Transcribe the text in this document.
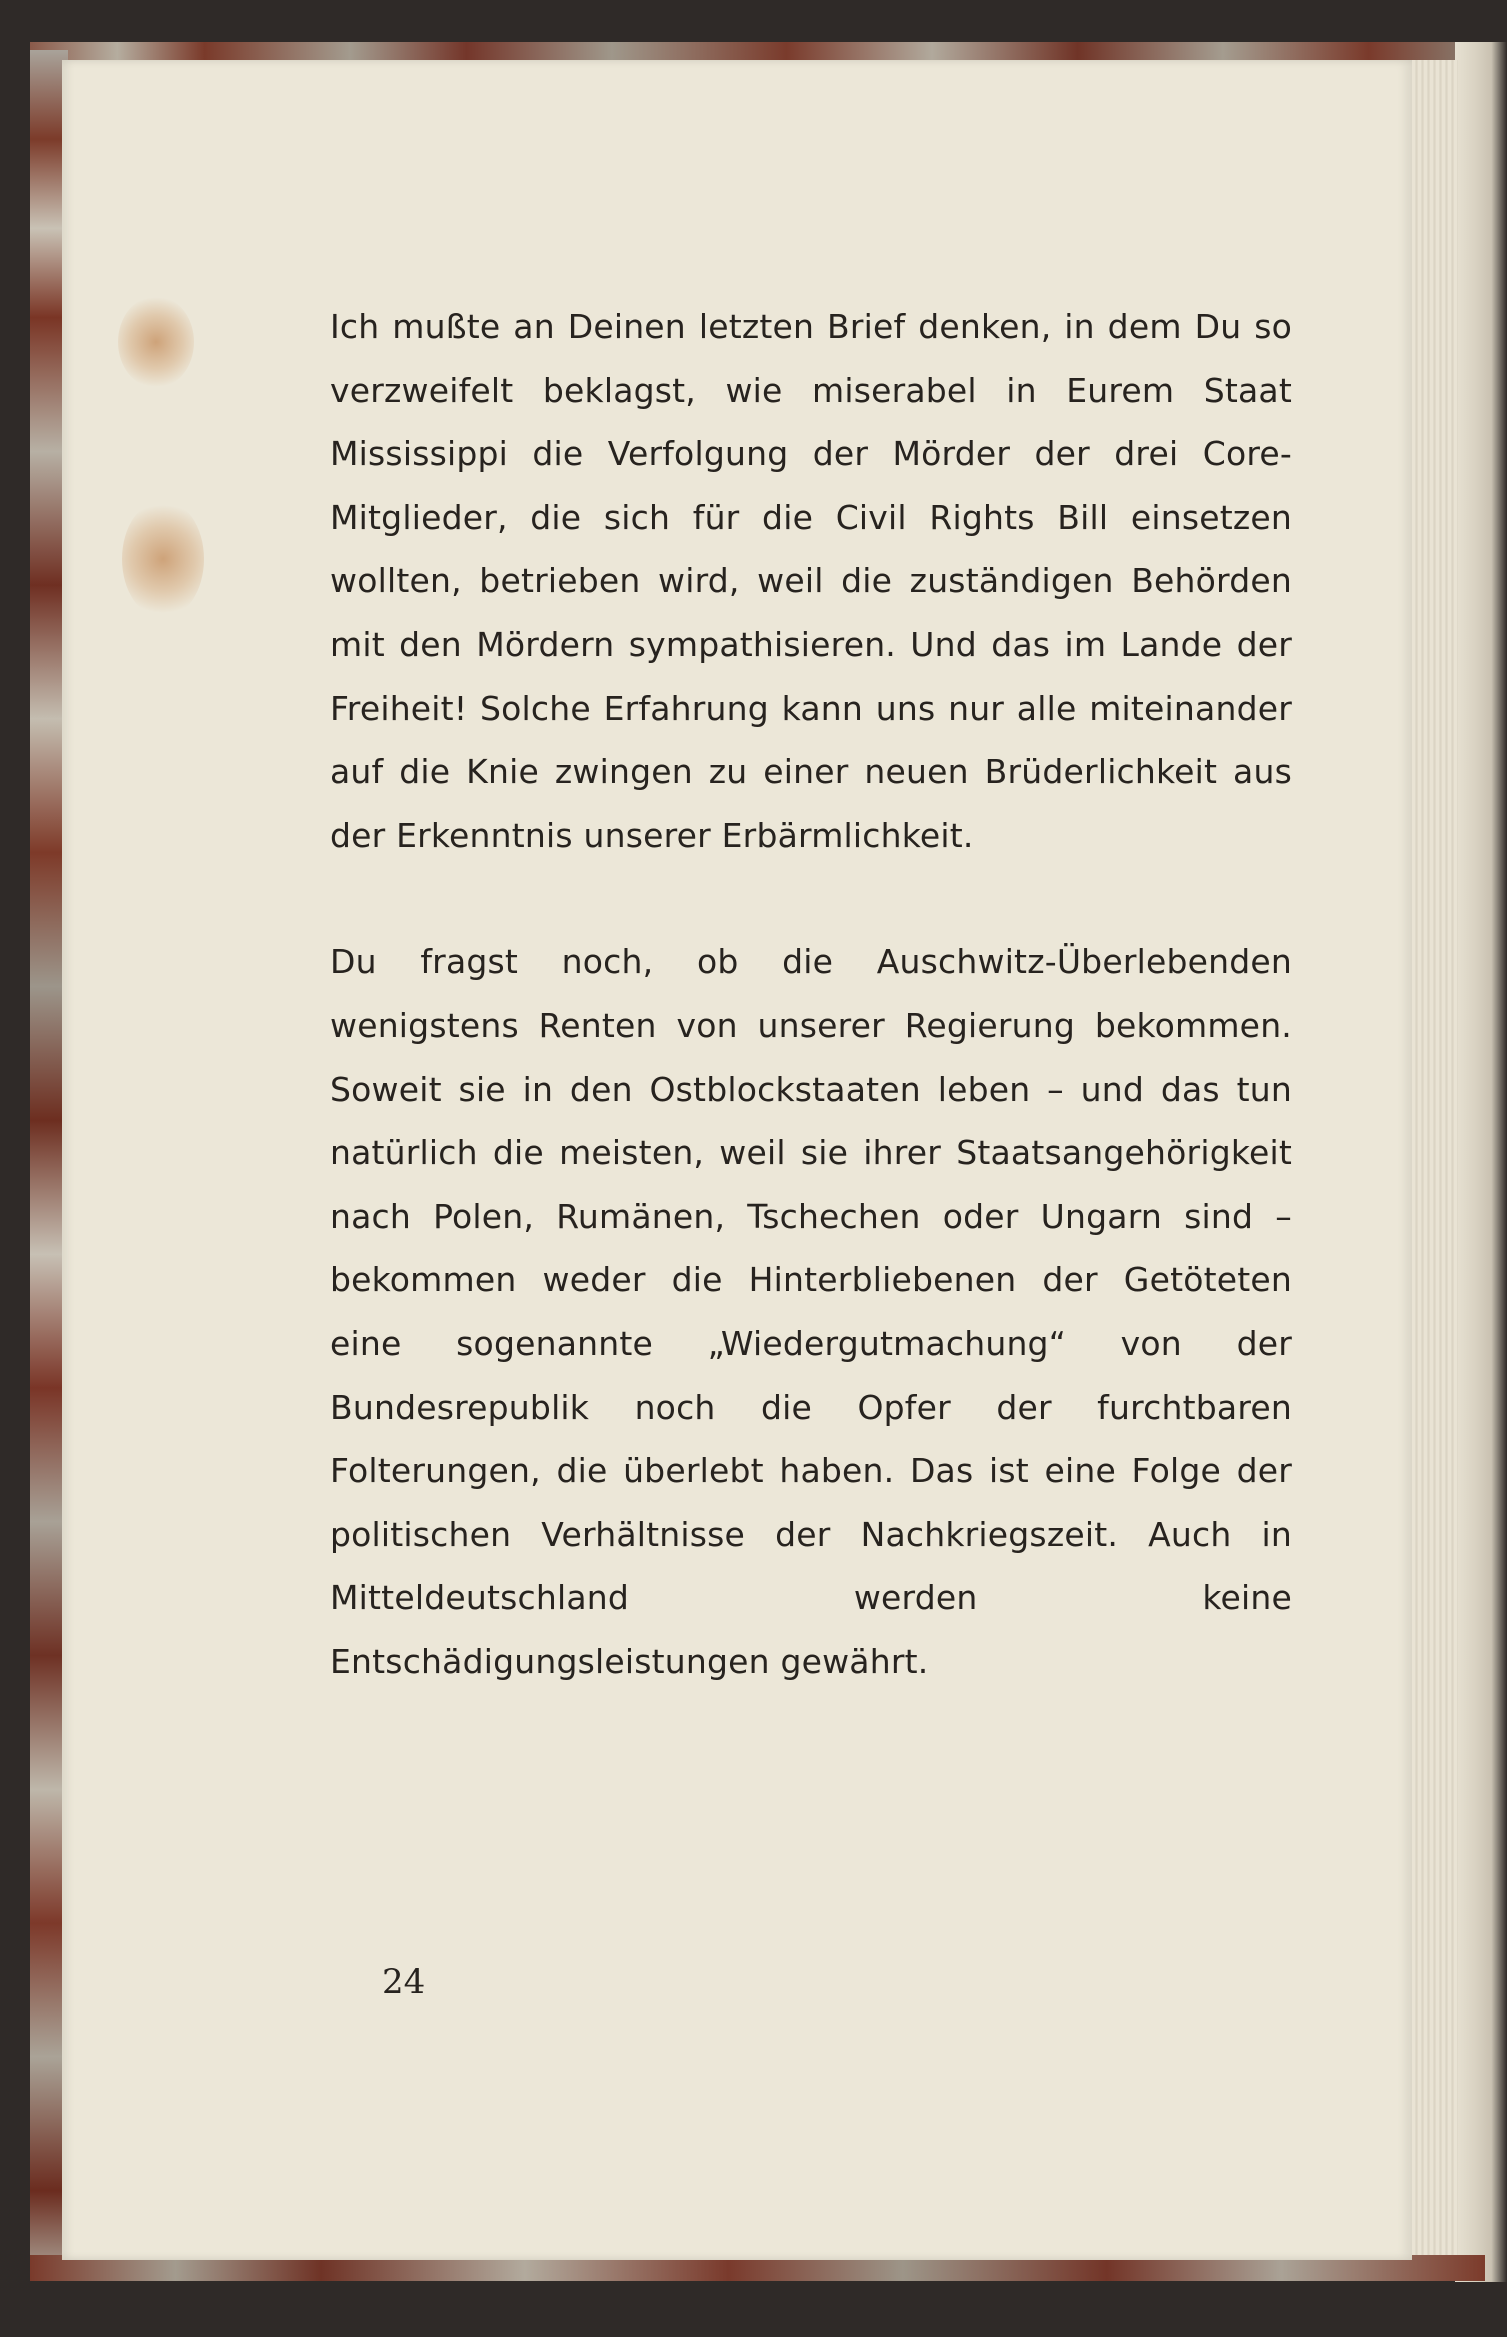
Ich mußte an Deinen letzten Brief denken, in dem Du so verzweifelt beklagst, wie miserabel in Eurem Staat Mississippi die Verfolgung der Mörder der drei Core-Mitglieder, die sich für die Civil Rights Bill einsetzen wollten, betrieben wird, weil die zuständigen Behörden mit den Mördern sympathisieren. Und das im Lande der Freiheit! Solche Erfahrung kann uns nur alle miteinander auf die Knie zwingen zu einer neuen Brüderlichkeit aus der Erkenntnis unserer Erbärmlichkeit.

Du fragst noch, ob die Auschwitz-Überlebenden wenigstens Renten von unserer Regierung bekommen. Soweit sie in den Ostblockstaaten leben – und das tun natürlich die meisten, weil sie ihrer Staatsangehörigkeit nach Polen, Rumänen, Tschechen oder Ungarn sind – bekommen weder die Hinterbliebenen der Getöteten eine sogenannte „Wiedergutmachung“ von der Bundesrepublik noch die Opfer der furchtbaren Folterungen, die überlebt haben. Das ist eine Folge der politischen Verhältnisse der Nachkriegszeit. Auch in Mitteldeutschland werden keine Entschädigungsleistungen gewährt.

24
